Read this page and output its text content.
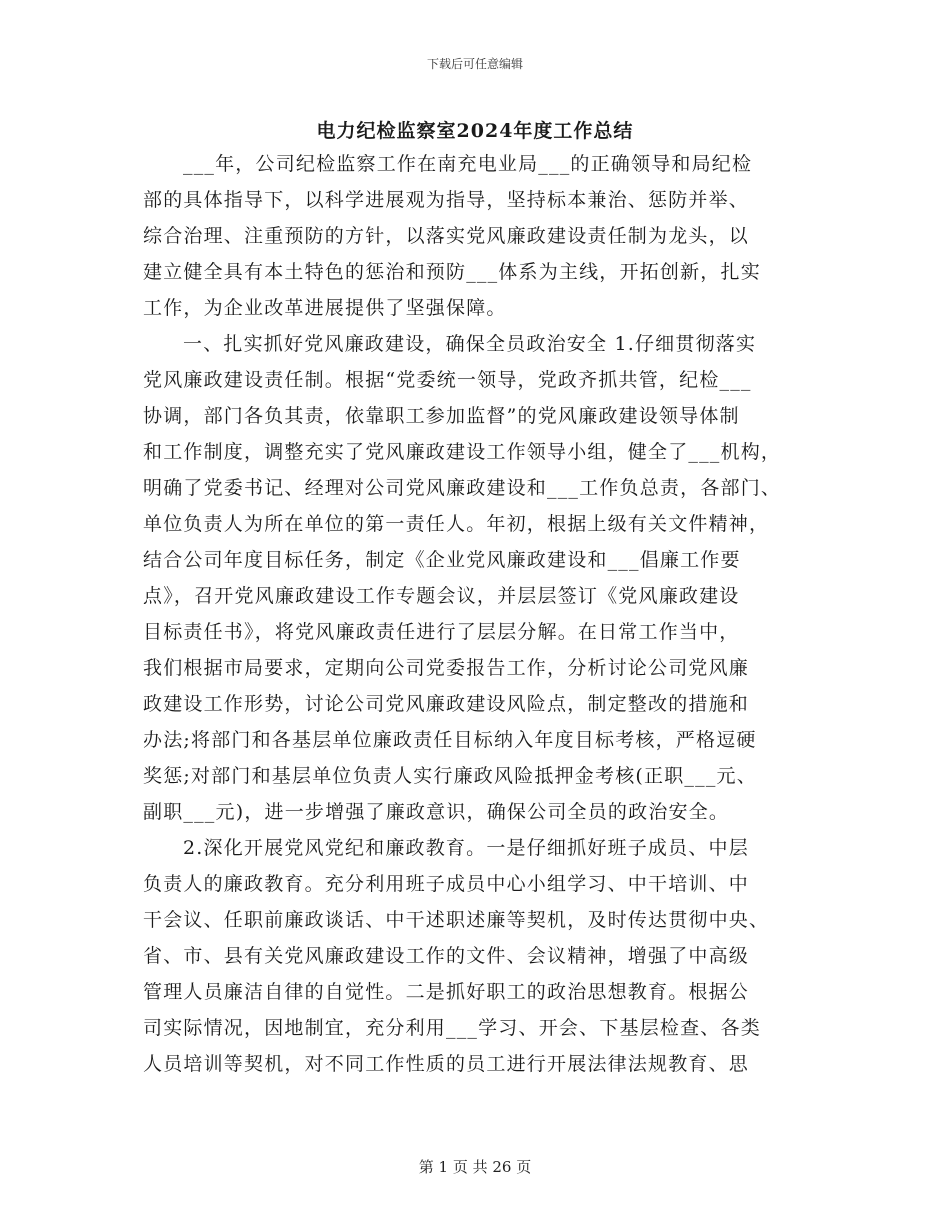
下载后可任意编辑
电力纪检监察室2024年度工作总结
___年，公司纪检监察工作在南充电业局___的正确领导和局纪检
部的具体指导下，以科学进展观为指导，坚持标本兼治、惩防并举、
综合治理、注重预防的方针，以落实党风廉政建设责任制为龙头，以
建立健全具有本土特色的惩治和预防___体系为主线，开拓创新，扎实
工作，为企业改革进展提供了坚强保障。
一、扎实抓好党风廉政建设，确保全员政治安全 1.仔细贯彻落实
党风廉政建设责任制。根据“党委统一领导，党政齐抓共管，纪检___
协调，部门各负其责，依靠职工参加监督”的党风廉政建设领导体制
和工作制度，调整充实了党风廉政建设工作领导小组，健全了___机构，
明确了党委书记、经理对公司党风廉政建设和___工作负总责，各部门、
单位负责人为所在单位的第一责任人。年初，根据上级有关文件精神，
结合公司年度目标任务，制定《企业党风廉政建设和___倡廉工作要
点》，召开党风廉政建设工作专题会议，并层层签订《党风廉政建设
目标责任书》，将党风廉政责任进行了层层分解。在日常工作当中，
我们根据市局要求，定期向公司党委报告工作，分析讨论公司党风廉
政建设工作形势，讨论公司党风廉政建设风险点，制定整改的措施和
办法;将部门和各基层单位廉政责任目标纳入年度目标考核，严格逗硬
奖惩;对部门和基层单位负责人实行廉政风险抵押金考核(正职___元、
副职___元)，进一步增强了廉政意识，确保公司全员的政治安全。
2.深化开展党风党纪和廉政教育。一是仔细抓好班子成员、中层
负责人的廉政教育。充分利用班子成员中心小组学习、中干培训、中
干会议、任职前廉政谈话、中干述职述廉等契机，及时传达贯彻中央、
省、市、县有关党风廉政建设工作的文件、会议精神，增强了中高级
管理人员廉洁自律的自觉性。二是抓好职工的政治思想教育。根据公
司实际情况，因地制宜，充分利用___学习、开会、下基层检查、各类
人员培训等契机，对不同工作性质的员工进行开展法律法规教育、思
第 1 页 共 26 页
